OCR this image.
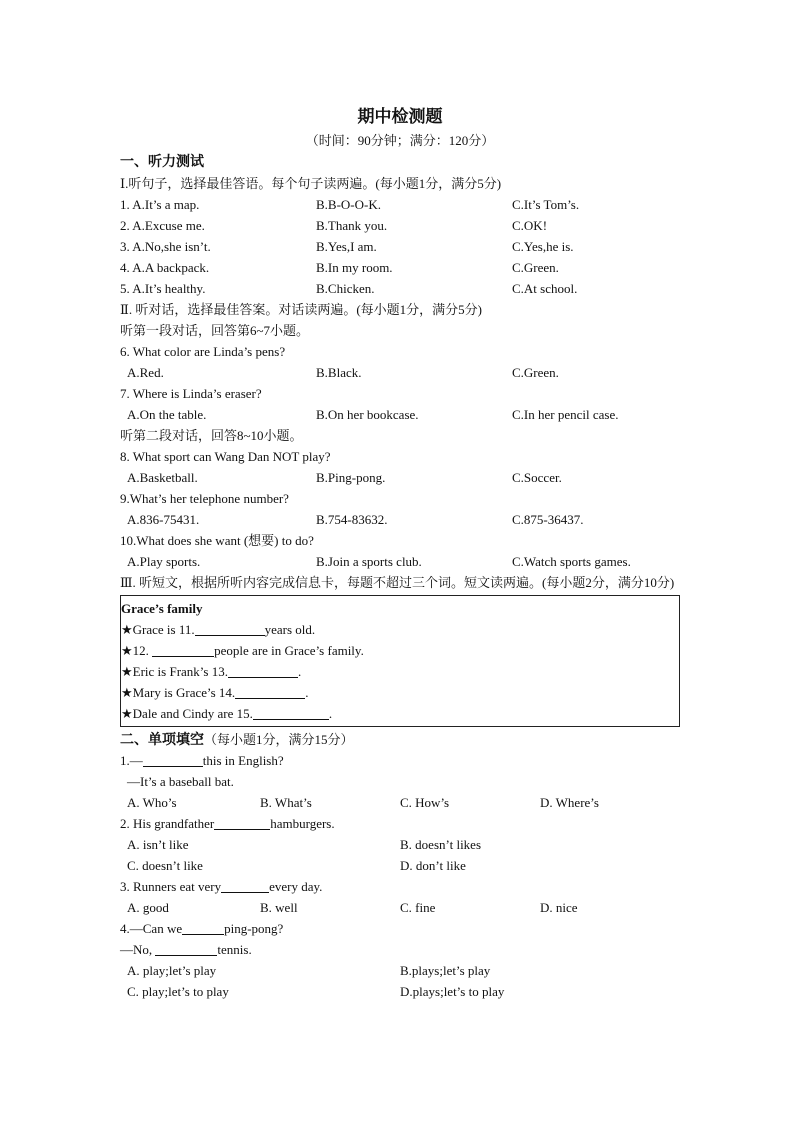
期中检测题
（时间：90分钟；满分：120分）
一、听力测试
Ⅰ.听句子，选择最佳答语。每个句子读两遍。(每小题1分，满分5分)
1. A.It’s a map.	B.B-O-O-K.	C.It’s Tom’s.
2. A.Excuse me.	B.Thank you.	C.OK!
3. A.No,she isn’t.	B.Yes,I am.	C.Yes,he is.
4. A.A backpack.	B.In my room.	C.Green.
5. A.It’s healthy.	B.Chicken.	C.At school.
Ⅱ. 听对话，选择最佳答案。对话读两遍。(每小题1分，满分5分)
听第一段对话，回答第6~7小题。
6. What color are Linda’s pens?
A.Red.	B.Black.	C.Green.
7. Where is Linda’s eraser?
A.On the table.	B.On her bookcase.	C.In her pencil case.
听第二段对话，回答8~10小题。
8. What sport can Wang Dan NOT play?
A.Basketball.	B.Ping-pong.	C.Soccer.
9.What’s her telephone number?
A.836-75431.	B.754-83632.	C.875-36437.
10.What does she want (想要) to do?
A.Play sports.	B.Join a sports club.	C.Watch sports games.
Ⅲ. 听短文，根据所听内容完成信息卡，每题不超过三个词。短文读两遍。(每小题2分，满分10分)
Grace’s family
★Grace is 11.	years old.
★12.	people are in Grace’s family.
★Eric is Frank’s 13.	.
★Mary is Grace’s 14.	.
★Dale and Cindy are 15.	.
二、单项填空（每小题1分，满分15分）
1.—	this in English?
—It’s a baseball bat.
A. Who’s	B. What’s	C. How’s	D. Where’s
2. His grandfather	hamburgers.
A. isn’t like	B. doesn’t likes
C. doesn’t like	D. don’t like
3. Runners eat very	every day.
A. good	B. well	C. fine	D. nice
4.—Can we	ping-pong?
—No,	tennis.
A. play;let’s play	B.plays;let’s play
C. play;let’s to play	D.plays;let’s to play
